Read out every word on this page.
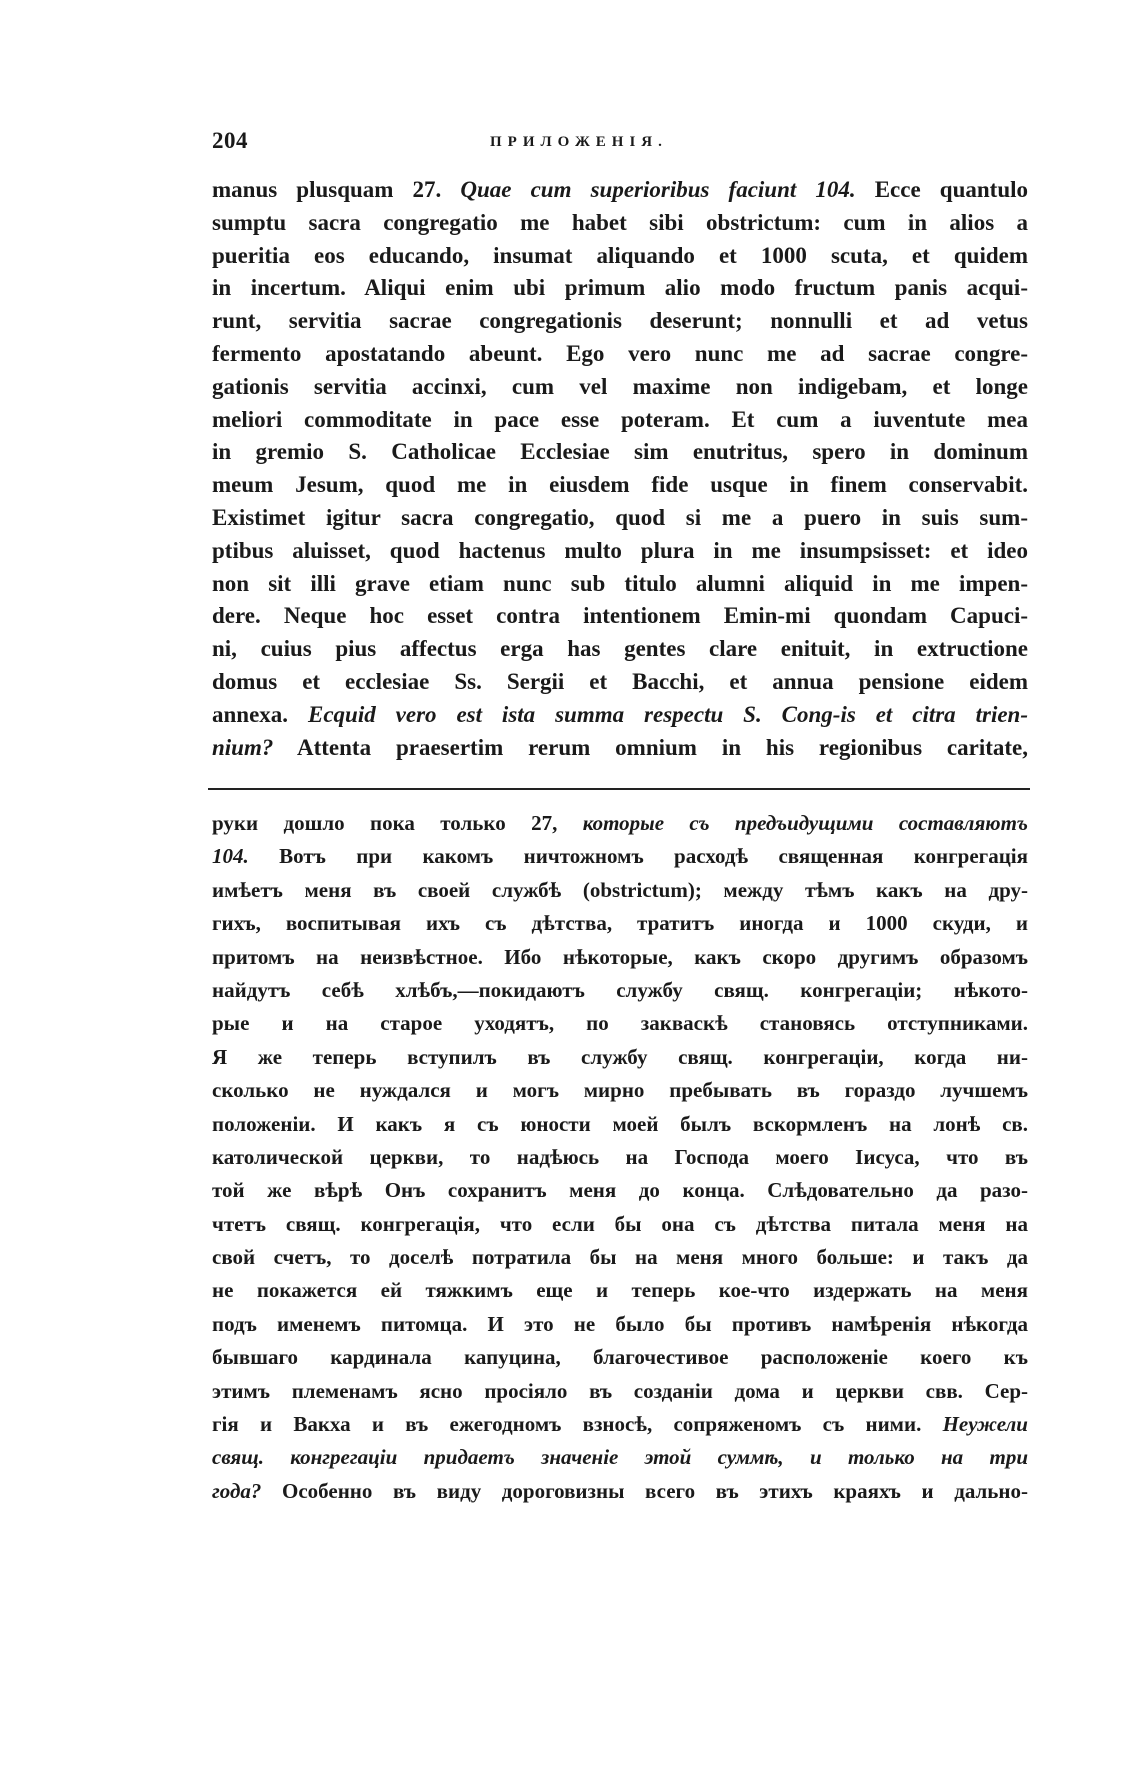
204	ПРИЛОЖЕНІЯ.
manus plusquam 27. Quae cum superioribus faciunt 104. Ecce quantulo
sumptu sacra congregatio me habet sibi obstrictum: cum in alios a
pueritia eos educando, insumat aliquando et 1000 scuta, et quidem
in incertum. Aliqui enim ubi primum alio modo fructum panis acqui-
runt, servitia sacrae congregationis deserunt; nonnulli et ad vetus
fermento apostatando abeunt. Ego vero nunc me ad sacrae congre-
gationis servitia accinxi, cum vel maxime non indigebam, et longe
meliori commoditate in pace esse poteram. Et cum a iuventute mea
in gremio S. Catholicae Ecclesiae sim enutritus, spero in dominum
meum Jesum, quod me in eiusdem fide usque in finem conservabit.
Existimet igitur sacra congregatio, quod si me a puero in suis sum-
ptibus aluisset, quod hactenus multo plura in me insumpsisset: et ideo
non sit illi grave etiam nunc sub titulo alumni aliquid in me impen-
dere. Neque hoc esset contra intentionem Emin-mi quondam Capuci-
ni, cuius pius affectus erga has gentes clare enituit, in extructione
domus et ecclesiae Ss. Sergii et Bacchi, et annua pensione eidem
annexa. Ecquid vero est ista summa respectu S. Cong-is et citra trien-
nium? Attenta praesertim rerum omnium in his regionibus caritate,
руки дошло пока только 27, которые съ предъидущими составляютъ
104. Вотъ при какомъ ничтожномъ расходѣ священная конгрегація
имѣетъ меня въ своей службѣ (obstrictum); между тѣмъ какъ на дру-
гихъ, воспитывая ихъ съ дѣтства, тратитъ иногда и 1000 скуди, и
притомъ на неизвѣстное. Ибо нѣкоторые, какъ скоро другимъ образомъ
найдутъ себѣ хлѣбъ,—покидаютъ службу свящ. конгрегаціи; нѣкото-
рые и на старое уходятъ, по закваскѣ становясь отступниками.
Я же теперь вступилъ въ службу свящ. конгрегаціи, когда ни-
сколько не нуждался и могъ мирно пребывать въ гораздо лучшемъ
положеніи. И какъ я съ юности моей былъ вскормленъ на лонѣ св.
католической церкви, то надѣюсь на Господа моего Іисуса, что въ
той же вѣрѣ Онъ сохранитъ меня до конца. Слѣдовательно да разо-
чтетъ свящ. конгрегація, что если бы она съ дѣтства питала меня на
свой счетъ, то доселѣ потратила бы на меня много больше: и такъ да
не покажется ей тяжкимъ еще и теперь кое-что издержать на меня
подъ именемъ питомца. И это не было бы противъ намѣренія нѣкогда
бывшаго кардинала капуцина, благочестивое расположеніе коего къ
этимъ племенамъ ясно просіяло въ созданіи дома и церкви свв. Сер-
гія и Вакха и въ ежегодномъ взносѣ, сопряженомъ съ ними. Неужели
свящ. конгрегаціи придаетъ значеніе этой суммѣ, и только на три
года? Особенно въ виду дороговизны всего въ этихъ краяхъ и дально-
